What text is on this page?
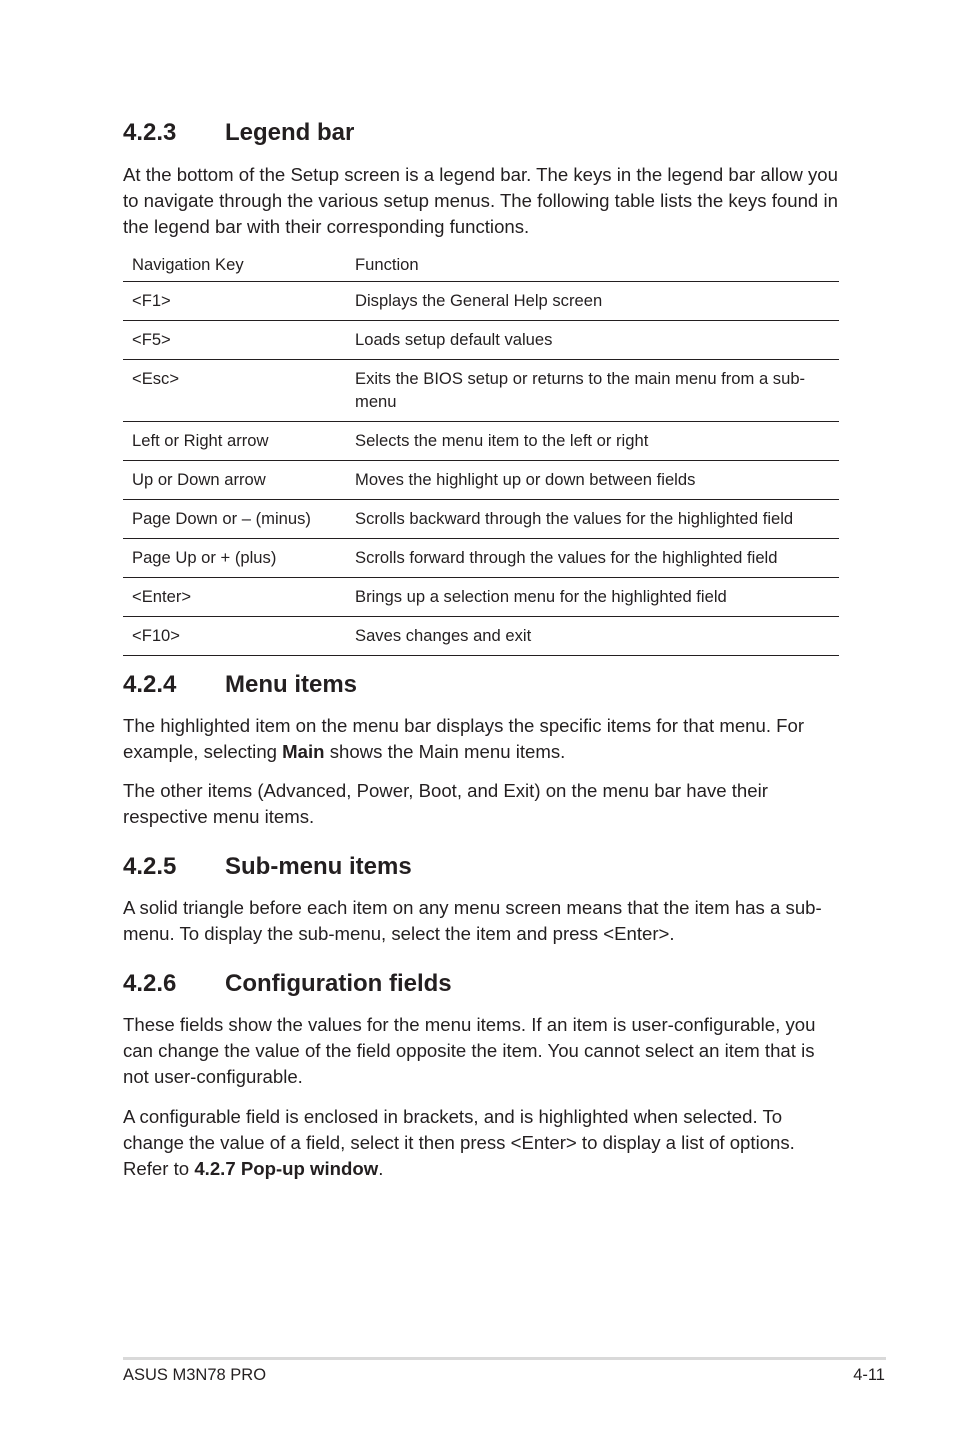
4.2.3	Legend bar

At the bottom of the Setup screen is a legend bar. The keys in the legend bar allow you to navigate through the various setup menus. The following table lists the keys found in the legend bar with their corresponding functions.

Navigation Key	Function
<F1>	Displays the General Help screen
<F5>	Loads setup default values
<Esc>	Exits the BIOS setup or returns to the main menu from a sub-menu
Left or Right arrow	Selects the menu item to the left or right
Up or Down arrow	Moves the highlight up or down between fields
Page Down or – (minus)	Scrolls backward through the values for the highlighted field
Page Up or + (plus)	Scrolls forward through the values for the highlighted field
<Enter>	Brings up a selection menu for the highlighted field
<F10>	Saves changes and exit
4.2.4	Menu items

The highlighted item on the menu bar displays the specific items for that menu. For example, selecting Main shows the Main menu items.

The other items (Advanced, Power, Boot, and Exit) on the menu bar have their respective menu items.

4.2.5	Sub-menu items

A solid triangle before each item on any menu screen means that the item has a sub-menu. To display the sub-menu, select the item and press <Enter>.

4.2.6	Configuration fields

These fields show the values for the menu items. If an item is user-configurable, you can change the value of the field opposite the item. You cannot select an item that is not user-configurable.

A configurable field is enclosed in brackets, and is highlighted when selected. To change the value of a field, select it then press <Enter> to display a list of options. Refer to 4.2.7 Pop-up window.

ASUS M3N78 PRO	4-11
